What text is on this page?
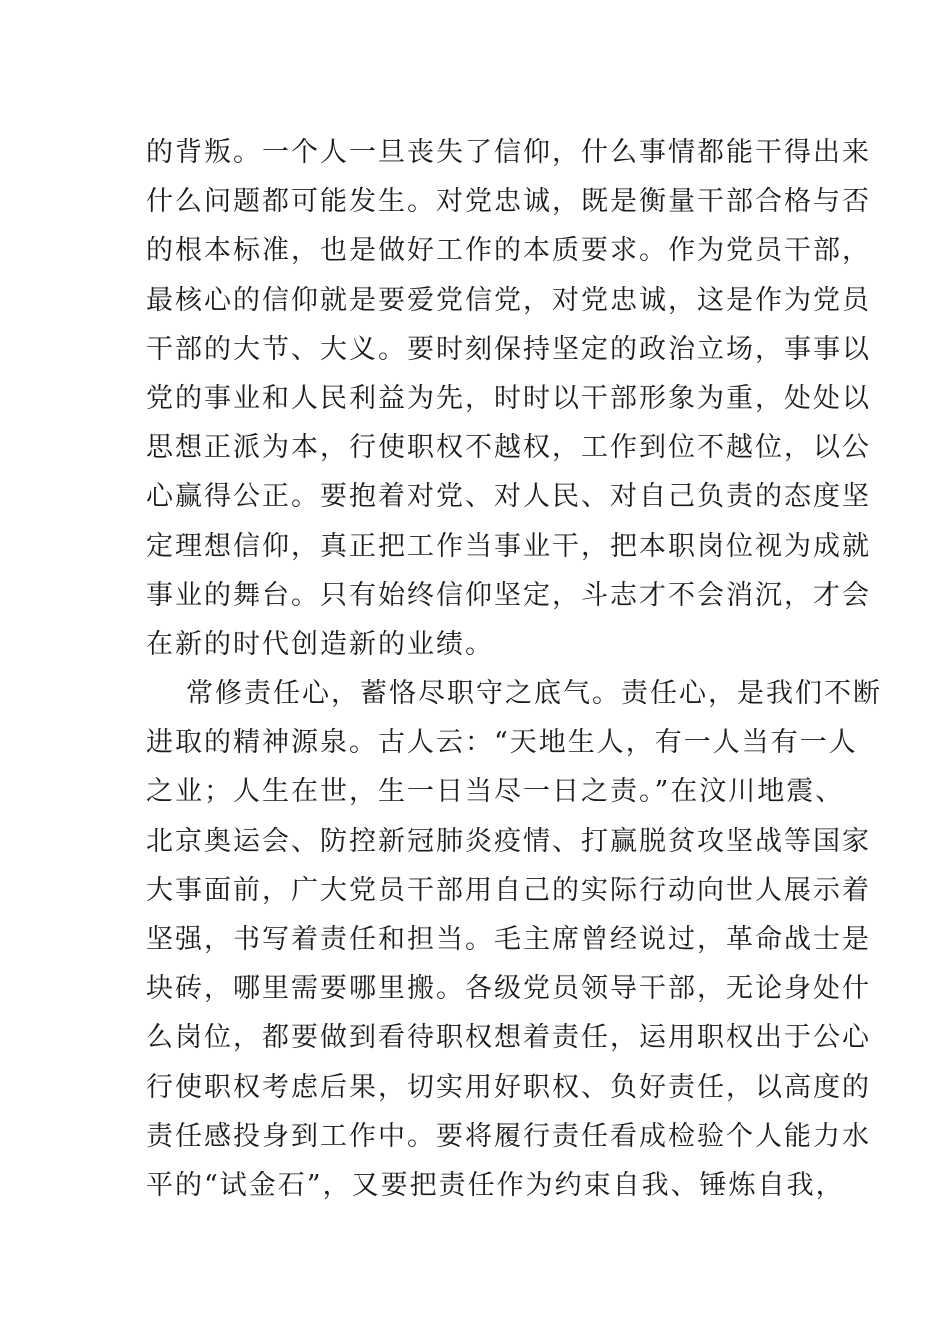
的背叛。一个人一旦丧失了信仰，什么事情都能干得出来
什么问题都可能发生。对党忠诚，既是衡量干部合格与否
的根本标准，也是做好工作的本质要求。作为党员干部，
最核心的信仰就是要爱党信党，对党忠诚，这是作为党员
干部的大节、大义。要时刻保持坚定的政治立场，事事以
党的事业和人民利益为先，时时以干部形象为重，处处以
思想正派为本，行使职权不越权，工作到位不越位，以公
心赢得公正。要抱着对党、对人民、对自己负责的态度坚
定理想信仰，真正把工作当事业干，把本职岗位视为成就
事业的舞台。只有始终信仰坚定，斗志才不会消沉，才会
在新的时代创造新的业绩。
常修责任心，蓄恪尽职守之底气。责任心，是我们不断
进取的精神源泉。古人云：“天地生人，有一人当有一人
之业；人生在世，生一日当尽一日之责。”在汶川地震、
北京奥运会、防控新冠肺炎疫情、打赢脱贫攻坚战等国家
大事面前，广大党员干部用自己的实际行动向世人展示着
坚强，书写着责任和担当。毛主席曾经说过，革命战士是
块砖，哪里需要哪里搬。各级党员领导干部，无论身处什
么岗位，都要做到看待职权想着责任，运用职权出于公心
行使职权考虑后果，切实用好职权、负好责任，以高度的
责任感投身到工作中。要将履行责任看成检验个人能力水
平的“试金石”，又要把责任作为约束自我、锤炼自我，
